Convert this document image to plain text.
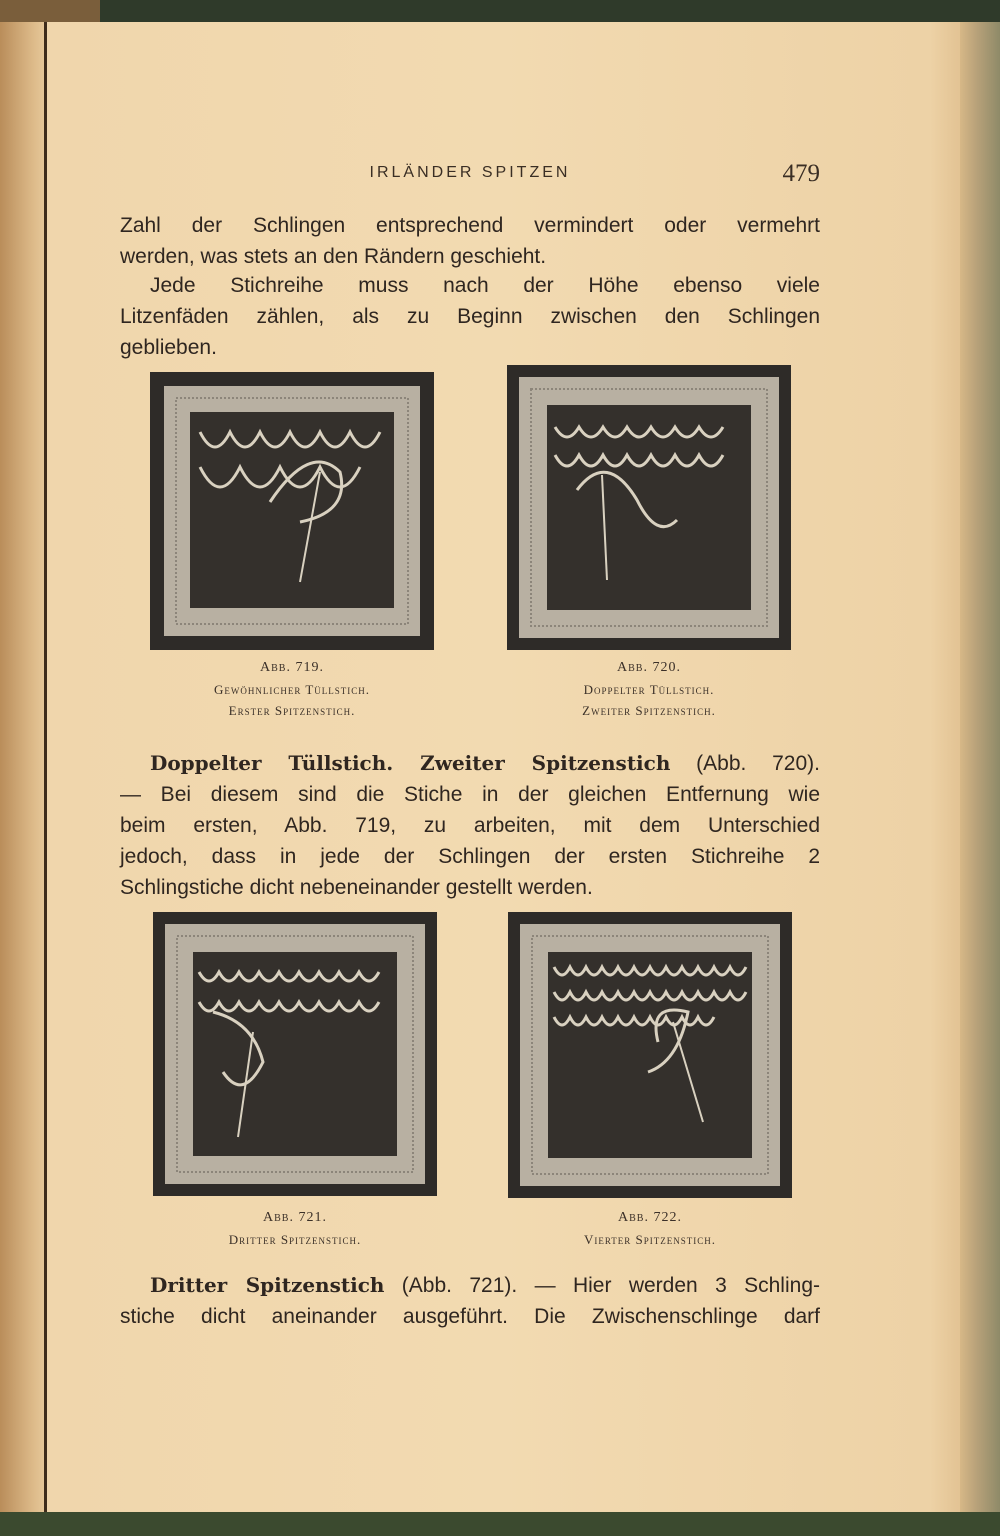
IRLÄNDER SPITZEN	479
Zahl der Schlingen entsprechend vermindert oder vermehrt
werden, was stets an den Rändern geschieht.
Jede Stichreihe muss nach der Höhe ebenso viele
Litzenfäden zählen, als zu Beginn zwischen den Schlingen
geblieben.
Abb. 719.
Gewöhnlicher Tüllstich.
Erster Spitzenstich.
Abb. 720.
Doppelter Tüllstich.
Zweiter Spitzenstich.
Doppelter Tüllstich. Zweiter Spitzenstich (Abb. 720).
— Bei diesem sind die Stiche in der gleichen Entfernung wie
beim ersten, Abb. 719, zu arbeiten, mit dem Unterschied
jedoch, dass in jede der Schlingen der ersten Stichreihe 2
Schlingstiche dicht nebeneinander gestellt werden.
Abb. 721.
Dritter Spitzenstich.
Abb. 722.
Vierter Spitzenstich.
Dritter Spitzenstich (Abb. 721). — Hier werden 3 Schling-
stiche dicht aneinander ausgeführt. Die Zwischenschlinge darf
